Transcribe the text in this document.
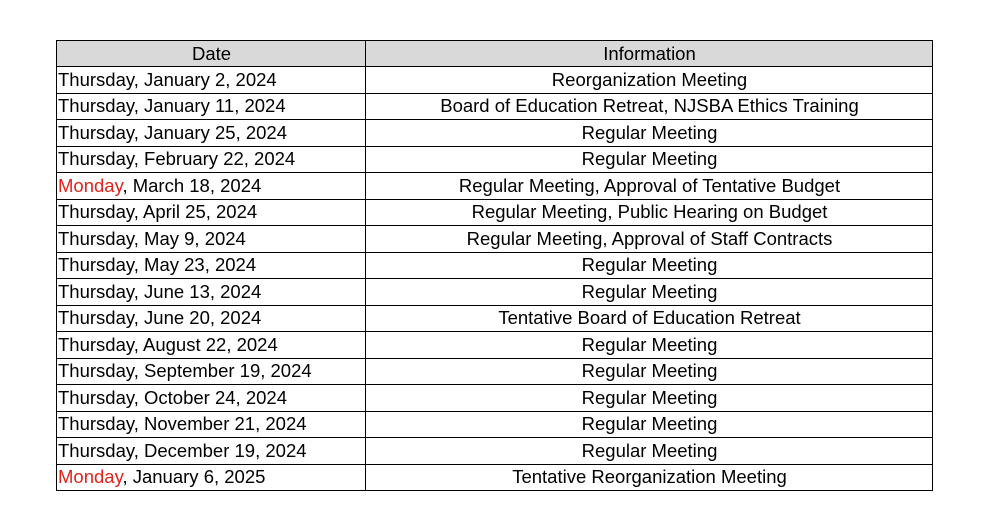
Date	Information
Thursday, January 2, 2024	Reorganization Meeting
Thursday, January 11, 2024	Board of Education Retreat, NJSBA Ethics Training
Thursday, January 25, 2024	Regular Meeting
Thursday, February 22, 2024	Regular Meeting
Monday, March 18, 2024	Regular Meeting, Approval of Tentative Budget
Thursday, April 25, 2024	Regular Meeting, Public Hearing on Budget
Thursday, May 9, 2024	Regular Meeting, Approval of Staff Contracts
Thursday, May 23, 2024	Regular Meeting
Thursday, June 13, 2024	Regular Meeting
Thursday, June 20, 2024	Tentative Board of Education Retreat
Thursday, August 22, 2024	Regular Meeting
Thursday, September 19, 2024	Regular Meeting
Thursday, October 24, 2024	Regular Meeting
Thursday, November 21, 2024	Regular Meeting
Thursday, December 19, 2024	Regular Meeting
Monday, January 6, 2025	Tentative Reorganization Meeting
